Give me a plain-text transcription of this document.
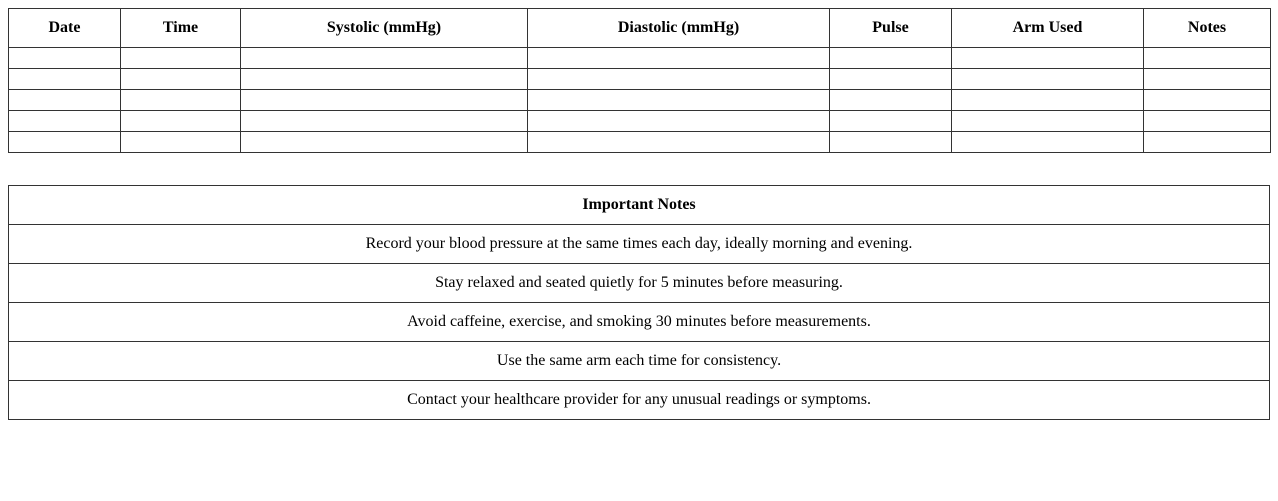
Date	Time	Systolic (mmHg)	Diastolic (mmHg)	Pulse	Arm Used	Notes

Important Notes
Record your blood pressure at the same times each day, ideally morning and evening.
Stay relaxed and seated quietly for 5 minutes before measuring.
Avoid caffeine, exercise, and smoking 30 minutes before measurements.
Use the same arm each time for consistency.
Contact your healthcare provider for any unusual readings or symptoms.
